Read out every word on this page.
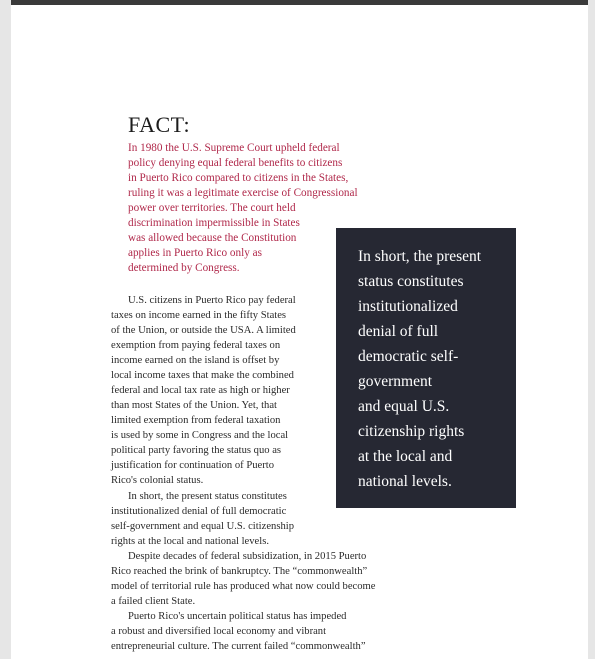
FACT:
In 1980 the U.S. Supreme Court upheld federal
policy denying equal federal benefits to citizens
in Puerto Rico compared to citizens in the States,
ruling it was a legitimate exercise of Congressional
power over territories. The court held
discrimination impermissible in States
was allowed because the Constitution
applies in Puerto Rico only as
determined by Congress.
U.S. citizens in Puerto Rico pay federal
taxes on income earned in the fifty States
of the Union, or outside the USA. A limited
exemption from paying federal taxes on
income earned on the island is offset by
local income taxes that make the combined
federal and local tax rate as high or higher
than most States of the Union. Yet, that
limited exemption from federal taxation
is used by some in Congress and the local
political party favoring the status quo as
justification for continuation of Puerto
Rico's colonial status.
In short, the present status constitutes
institutionalized denial of full democratic
self-government and equal U.S. citizenship
rights at the local and national levels.
Despite decades of federal subsidization, in 2015 Puerto
Rico reached the brink of bankruptcy. The “commonwealth”
model of territorial rule has produced what now could become
a failed client State.
Puerto Rico's uncertain political status has impeded
a robust and diversified local economy and vibrant
entrepreneurial culture. The current failed “commonwealth”
In short, the present
status constitutes
institutionalized
denial of full
democratic self-
government
and equal U.S.
citizenship rights
at the local and
national levels.
